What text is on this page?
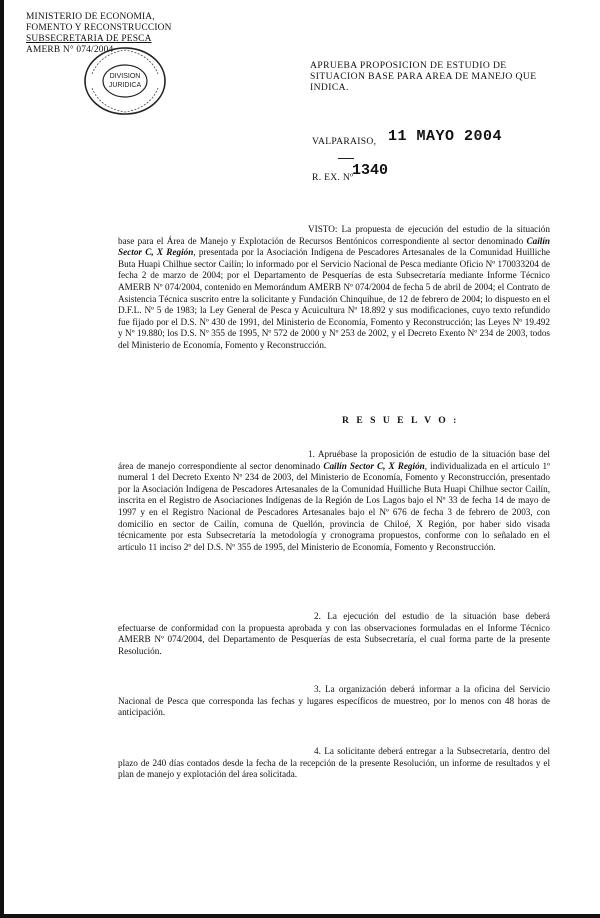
MINISTERIO DE ECONOMIA,
FOMENTO Y RECONSTRUCCION
SUBSECRETARIA DE PESCA
AMERB N° 074/2004
DIVISION
JURIDICA
APRUEBA PROPOSICION DE ESTUDIO DE SITUACION BASE PARA AREA DE MANEJO QUE INDICA.
VALPARAISO, 11 MAYO 2004
R. EX. Nº
1340
VISTO: La propuesta de ejecución del estudio de la situación base para el Área de Manejo y Explotación de Recursos Bentónicos correspondiente al sector denominado Cailín Sector C, X Región, presentada por la Asociación Indígena de Pescadores Artesanales de la Comunidad Huilliche Buta Huapi Chilhue sector Cailín; lo informado por el Servicio Nacional de Pesca mediante Oficio Nº 170033204 de fecha 2 de marzo de 2004; por el Departamento de Pesquerías de esta Subsecretaría mediante Informe Técnico AMERB Nº 074/2004, contenido en Memorándum AMERB Nº 074/2004 de fecha 5 de abril de 2004; el Contrato de Asistencia Técnica suscrito entre la solicitante y Fundación Chinquihue, de 12 de febrero de 2004; lo dispuesto en el D.F.L. Nº 5 de 1983; la Ley General de Pesca y Acuicultura Nº 18.892 y sus modificaciones, cuyo texto refundido fue fijado por el D.S. Nº 430 de 1991, del Ministerio de Economía, Fomento y Reconstrucción; las Leyes Nº 19.492 y Nº 19.880; los D.S. Nº 355 de 1995, Nº 572 de 2000 y Nº 253 de 2002, y el Decreto Exento Nº 234 de 2003, todos del Ministerio de Economía, Fomento y Reconstrucción.
R E S U E L V O :
1. Apruébase la proposición de estudio de la situación base del área de manejo correspondiente al sector denominado Cailín Sector C, X Región, individualizada en el artículo 1º numeral 1 del Decreto Exento Nº 234 de 2003, del Ministerio de Economía, Fomento y Reconstrucción, presentado por la Asociación Indígena de Pescadores Artesanales de la Comunidad Huilliche Buta Huapi Chilhue sector Cailín, inscrita en el Registro de Asociaciones Indígenas de la Región de Los Lagos bajo el Nº 33 de fecha 14 de mayo de 1997 y en el Registro Nacional de Pescadores Artesanales bajo el Nº 676 de fecha 3 de febrero de 2003, con domicilio en sector de Cailín, comuna de Quellón, provincia de Chiloé, X Región, por haber sido visada técnicamente por esta Subsecretaría la metodología y cronograma propuestos, conforme con lo señalado en el artículo 11 inciso 2º del D.S. Nº 355 de 1995, del Ministerio de Economía, Fomento y Reconstrucción.
2. La ejecución del estudio de la situación base deberá efectuarse de conformidad con la propuesta aprobada y con las observaciones formuladas en el Informe Técnico AMERB Nº 074/2004, del Departamento de Pesquerías de esta Subsecretaría, el cual forma parte de la presente Resolución.
3. La organización deberá informar a la oficina del Servicio Nacional de Pesca que corresponda las fechas y lugares específicos de muestreo, por lo menos con 48 horas de anticipación.
4. La solicitante deberá entregar a la Subsecretaría, dentro del plazo de 240 días contados desde la fecha de la recepción de la presente Resolución, un informe de resultados y el plan de manejo y explotación del área solicitada.
